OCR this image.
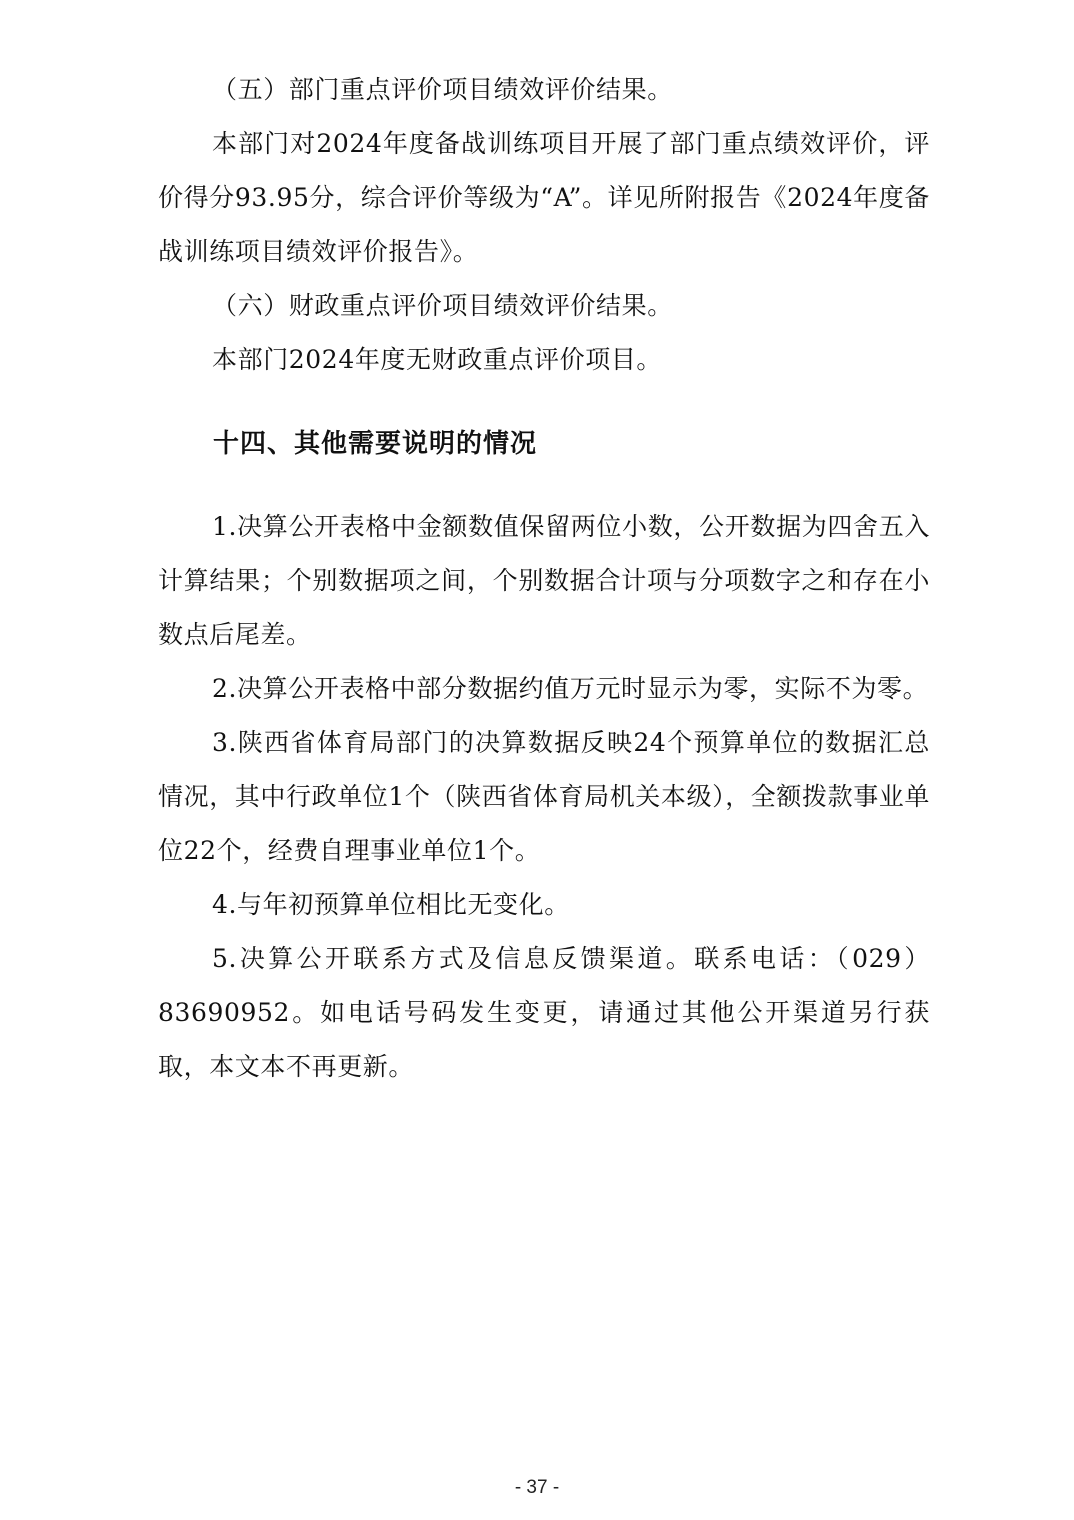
（五）部门重点评价项目绩效评价结果。

本部门对2024年度备战训练项目开展了部门重点绩效评价，评价得分93.95分，综合评价等级为“A”。详见所附报告《2024年度备战训练项目绩效评价报告》。

（六）财政重点评价项目绩效评价结果。

本部门2024年度无财政重点评价项目。

十四、其他需要说明的情况

1.决算公开表格中金额数值保留两位小数，公开数据为四舍五入计算结果；个别数据项之间，个别数据合计项与分项数字之和存在小数点后尾差。

2.决算公开表格中部分数据约值万元时显示为零，实际不为零。

3.陕西省体育局部门的决算数据反映24个预算单位的数据汇总情况，其中行政单位1个（陕西省体育局机关本级），全额拨款事业单位22个，经费自理事业单位1个。

4.与年初预算单位相比无变化。

5.决算公开联系方式及信息反馈渠道。联系电话：（029）83690952。如电话号码发生变更，请通过其他公开渠道另行获取，本文本不再更新。

- 37 -
